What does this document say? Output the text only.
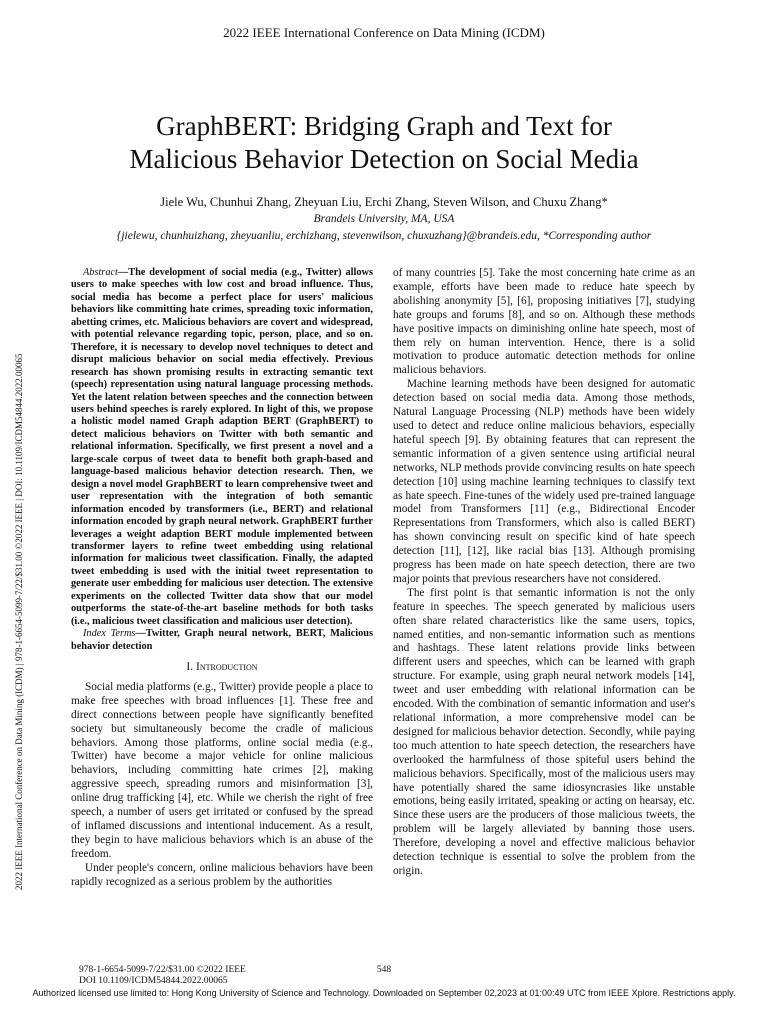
2022 IEEE International Conference on Data Mining (ICDM)
GraphBERT: Bridging Graph and Text for
Malicious Behavior Detection on Social Media
Jiele Wu, Chunhui Zhang, Zheyuan Liu, Erchi Zhang, Steven Wilson, and Chuxu Zhang*
Brandeis University, MA, USA
{jielewu, chunhuizhang, zheyuanliu, erchizhang, stevenwilson, chuxuzhang}@brandeis.edu, *Corresponding author
2022 IEEE International Conference on Data Mining (ICDM) | 978-1-6654-5099-7/22/$31.00 ©2022 IEEE | DOI: 10.1109/ICDM54844.2022.00065

Abstract—The development of social media (e.g., Twitter) allows users to make speeches with low cost and broad influence. Thus, social media has become a perfect place for users' malicious behaviors like committing hate crimes, spreading toxic information, abetting crimes, etc. Malicious behaviors are covert and widespread, with potential relevance regarding topic, person, place, and so on. Therefore, it is necessary to develop novel techniques to detect and disrupt malicious behavior on social media effectively. Previous research has shown promising results in extracting semantic text (speech) representation using natural language processing methods. Yet the latent relation between speeches and the connection between users behind speeches is rarely explored. In light of this, we propose a holistic model named Graph adaption BERT (GraphBERT) to detect malicious behaviors on Twitter with both semantic and relational information. Specifically, we first present a novel and a large-scale corpus of tweet data to benefit both graph-based and language-based malicious behavior detection research. Then, we design a novel model GraphBERT to learn comprehensive tweet and user representation with the integration of both semantic information encoded by transformers (i.e., BERT) and relational information encoded by graph neural network. GraphBERT further leverages a weight adaption BERT module implemented between transformer layers to refine tweet embedding using relational information for malicious tweet classification. Finally, the adapted tweet embedding is used with the initial tweet representation to generate user embedding for malicious user detection. The extensive experiments on the collected Twitter data show that our model outperforms the state-of-the-art baseline methods for both tasks (i.e., malicious tweet classification and malicious user detection).

Index Terms—Twitter, Graph neural network, BERT, Malicious behavior detection

I. Introduction

Social media platforms (e.g., Twitter) provide people a place to make free speeches with broad influences [1]. These free and direct connections between people have significantly benefited society but simultaneously become the cradle of malicious behaviors. Among those platforms, online social media (e.g., Twitter) have become a major vehicle for online malicious behaviors, including committing hate crimes [2], making aggressive speech, spreading rumors and misinformation [3], online drug trafficking [4], etc. While we cherish the right of free speech, a number of users get irritated or confused by the spread of inflamed discussions and intentional inducement. As a result, they begin to have malicious behaviors which is an abuse of the freedom.

Under people's concern, online malicious behaviors have been rapidly recognized as a serious problem by the authorities

of many countries [5]. Take the most concerning hate crime as an example, efforts have been made to reduce hate speech by abolishing anonymity [5], [6], proposing initiatives [7], studying hate groups and forums [8], and so on. Although these methods have positive impacts on diminishing online hate speech, most of them rely on human intervention. Hence, there is a solid motivation to produce automatic detection methods for online malicious behaviors.

Machine learning methods have been designed for automatic detection based on social media data. Among those methods, Natural Language Processing (NLP) methods have been widely used to detect and reduce online malicious behaviors, especially hateful speech [9]. By obtaining features that can represent the semantic information of a given sentence using artificial neural networks, NLP methods provide convincing results on hate speech detection [10] using machine learning techniques to classify text as hate speech. Fine-tunes of the widely used pre-trained language model from Transformers [11] (e.g., Bidirectional Encoder Representations from Transformers, which also is called BERT) has shown convincing result on specific kind of hate speech detection [11], [12], like racial bias [13]. Although promising progress has been made on hate speech detection, there are two major points that previous researchers have not considered.

The first point is that semantic information is not the only feature in speeches. The speech generated by malicious users often share related characteristics like the same users, topics, named entities, and non-semantic information such as mentions and hashtags. These latent relations provide links between different users and speeches, which can be learned with graph structure. For example, using graph neural network models [14], tweet and user embedding with relational information can be encoded. With the combination of semantic information and user's relational information, a more comprehensive model can be designed for malicious behavior detection. Secondly, while paying too much attention to hate speech detection, the researchers have overlooked the harmfulness of those spiteful users behind the malicious behaviors. Specifically, most of the malicious users may have potentially shared the same idiosyncrasies like unstable emotions, being easily irritated, speaking or acting on hearsay, etc. Since these users are the producers of those malicious tweets, the problem will be largely alleviated by banning those users. Therefore, developing a novel and effective malicious behavior detection technique is essential to solve the problem from the origin.

978-1-6654-5099-7/22/$31.00 ©2022 IEEE
DOI 10.1109/ICDM54844.2022.00065
548
Authorized licensed use limited to: Hong Kong University of Science and Technology. Downloaded on September 02,2023 at 01:00:49 UTC from IEEE Xplore. Restrictions apply.
